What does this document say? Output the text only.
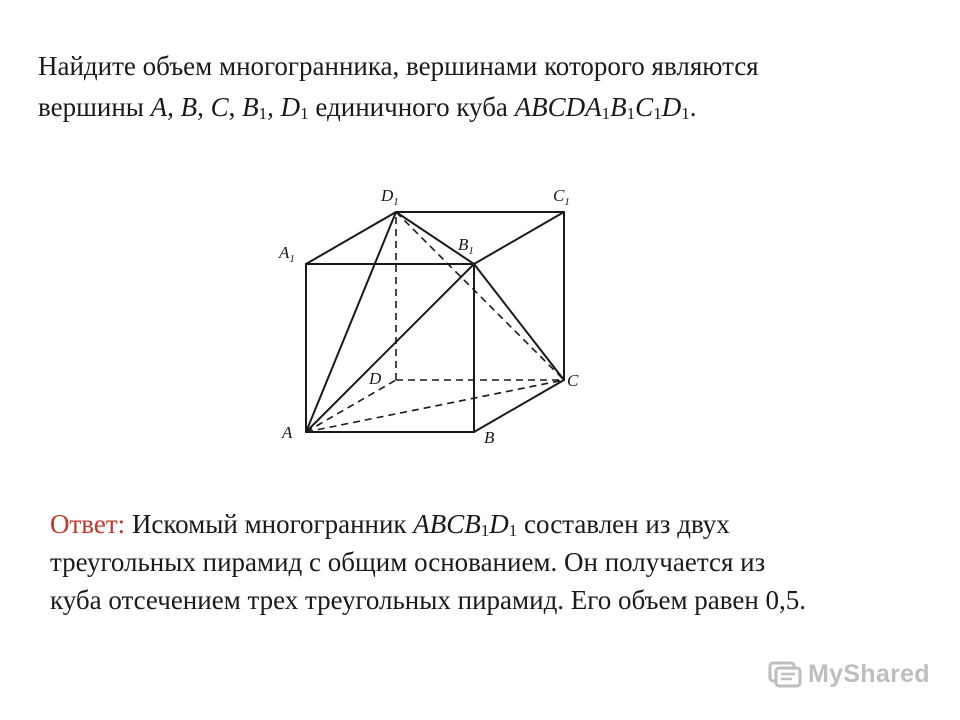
Найдите объем многогранника, вершинами которого являются
вершины A, B, C, $B_1$, $D_1$ единичного куба $ABCDA_1B_1C_1D_1$.
A	B
C
D
$A_1$
$B_1$
$C_1$
$D_1$
Ответ: Искомый многогранник $ABCB_1D_1$ составлен из двух
треугольных пирамид с общим основанием. Он получается из
куба отсечением трех треугольных пирамид. Его объем равен 0,5.
MyShared
